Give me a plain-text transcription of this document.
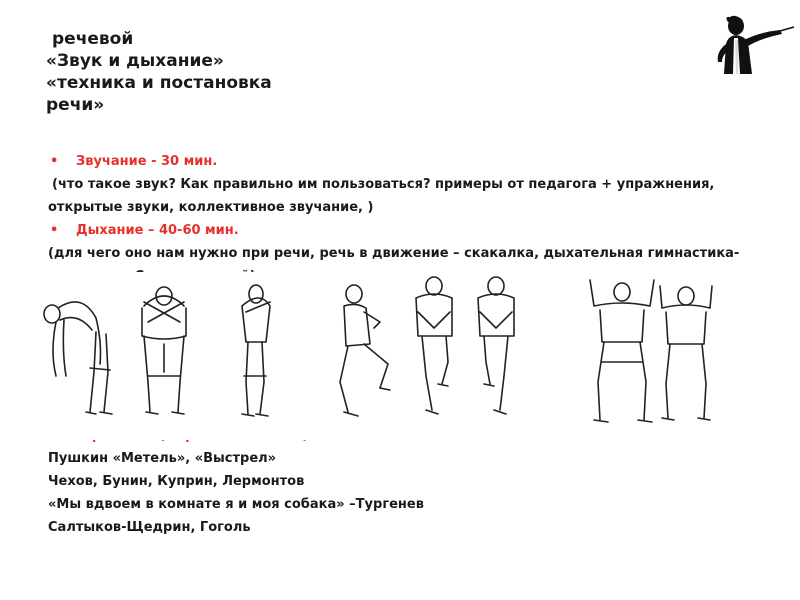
речевой
«Звук и дыхание»
«техника и постановка
речи»
• Звучание - 30 мин.
(что такое звук? Как правильно им пользоваться? примеры от педагога + упражнения,
открытые звуки, коллективное звучание, )
• Дыхание – 40-60 мин.
(для чего оно нам нужно при речи, речь в движение – скакалка, дыхательная гимнастика-
программа Стрельниковой)
Разбор текста (мировая классика) - 30 мин.
Пушкин «Метель», «Выстрел»
Чехов, Бунин, Куприн, Лермонтов
«Мы вдвоем в комнате я и моя собака» –Тургенев
Салтыков-Щедрин, Гоголь
